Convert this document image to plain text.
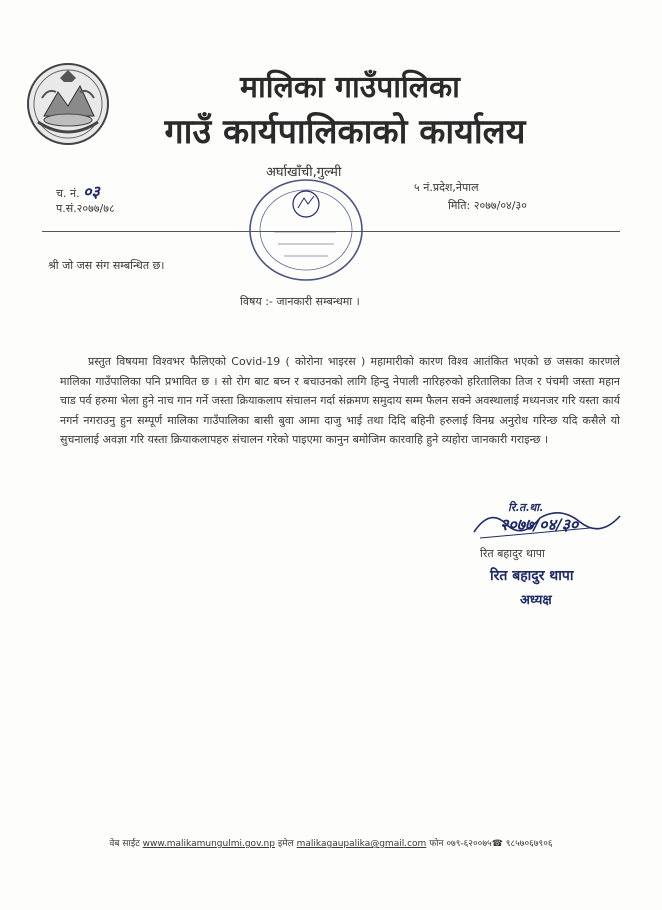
मालिका गाउँपालिका
गाउँ कार्यपालिकाको कार्यालय
अर्घाखाँची,गुल्मी
च. नं. ०३
प.सं.२०७७/७८
५ नं.प्रदेश,नेपाल
मिति: २०७७/०४/३०
श्री जो जस संग सम्बन्धित छ।
विषय :- जानकारी सम्बन्धमा ।
प्रस्तुत विषयमा विश्वभर फैलिएको Covid-19 ( कोरोना भाइरस ) महामारीको कारण विश्व आतंकित भएको छ जसका कारणले मालिका गाउँपालिका पनि प्रभावित छ । सो रोग बाट बच्न र बचाउनको लागि हिन्दु नेपाली नारिहरुको हरितालिका तिज र पंचमी जस्ता महान चाड पर्व हरुमा भेला हुने नाच गान गर्ने जस्ता क्रियाकलाप संचालन गर्दा संक्रमण समुदाय सम्म फैलन सक्ने अवस्थालाई मध्यनजर गरि यस्ता कार्य नगर्न नगराउनु हुन सम्पूर्ण मालिका गाउँपालिका बासी बुवा आमा दाजु भाई तथा दिदि बहिनी हरुलाई विनम्र अनुरोध गरिन्छ यदि कसैले यो सुचनालाई अवज्ञा गरि यस्ता क्रियाकलापहरु संचालन गरेको पाइएमा कानुन बमोजिम कारवाहि हुने व्यहोरा जानकारी गराइन्छ ।
रि.त.था.
२०७७/०४/३०
रित बहादुर थापा
रित बहादुर थापा
अध्यक्ष
वेब साईट www.malikamungulmi.gov.np इमेल malikagaupalika@gmail.com फोन ०७९-६२००७५☎ ९८५७०६७९०६
